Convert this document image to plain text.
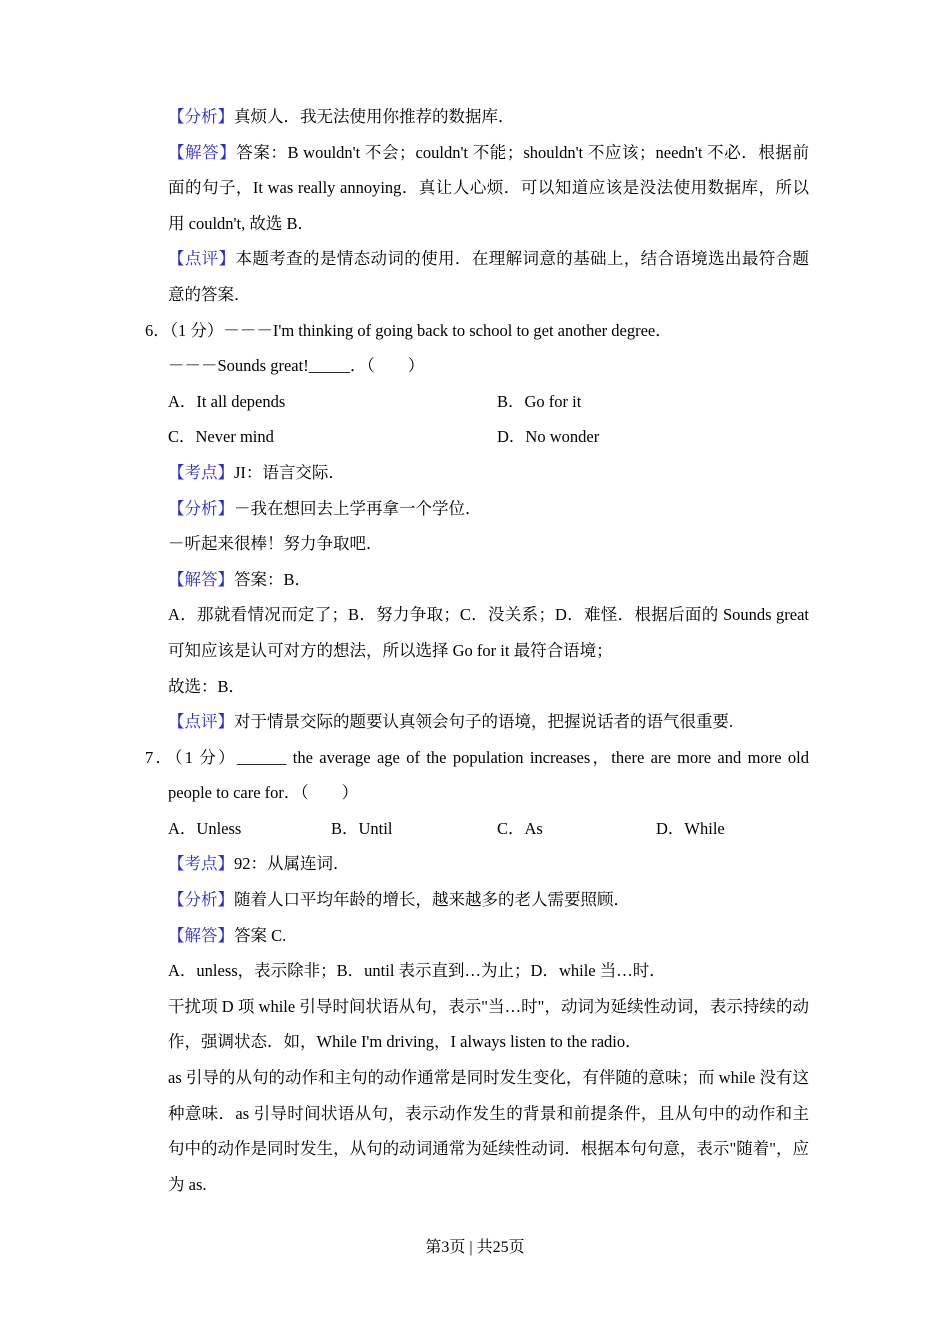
【分析】真烦人．我无法使用你推荐的数据库．
【解答】答案：B wouldn't 不会；couldn't 不能；shouldn't 不应该；needn't 不必．根据前面的句子，It was really annoying．真让人心烦．可以知道应该是没法使用数据库，所以用 couldn't, 故选 B．
【点评】本题考查的是情态动词的使用．在理解词意的基础上，结合语境选出最符合题意的答案．
6．（1 分）－－－I'm thinking of going back to school to get another degree．
－－－Sounds great!_____．（　　）
A．It all depends	B．Go for it
C．Never mind	D．No wonder
【考点】JI：语言交际．
【分析】－我在想回去上学再拿一个学位．
－听起来很棒！努力争取吧．
【解答】答案：B．
A．那就看情况而定了；B．努力争取；C．没关系；D．难怪．根据后面的 Sounds great 可知应该是认可对方的想法，所以选择 Go for it 最符合语境；
故选：B．
【点评】对于情景交际的题要认真领会句子的语境，把握说话者的语气很重要.
7．（1 分）______ the average age of the population increases，there are more and more old people to care for．（　　）
A．Unless	B．Until	C．As	D．While
【考点】92：从属连词．
【分析】随着人口平均年龄的增长，越来越多的老人需要照顾．
【解答】答案 C.
A．unless，表示除非；B．until 表示直到…为止；D．while 当…时．
干扰项 D 项 while 引导时间状语从句，表示"当…时"，动词为延续性动词，表示持续的动作，强调状态．如，While I'm driving，I always listen to the radio．
as 引导的从句的动作和主句的动作通常是同时发生变化，有伴随的意味；而 while 没有这种意味．as 引导时间状语从句，表示动作发生的背景和前提条件，且从句中的动作和主句中的动作是同时发生，从句的动词通常为延续性动词．根据本句句意，表示"随着"，应为 as.
第3页 | 共25页
